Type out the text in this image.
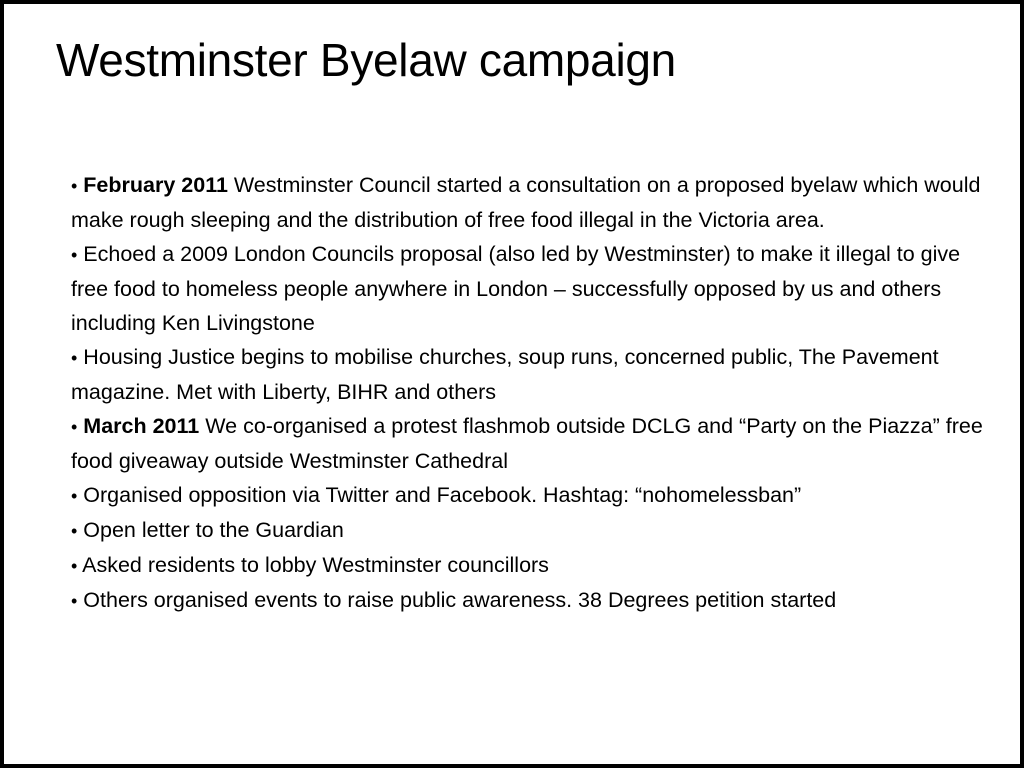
Westminster Byelaw campaign
• February 2011 Westminster Council started a consultation on a proposed byelaw which would make rough sleeping and the distribution of free food illegal in the Victoria area.
• Echoed a 2009 London Councils proposal (also led by Westminster) to make it illegal to give free food to homeless people anywhere in London – successfully opposed by us and others including Ken Livingstone
• Housing Justice begins to mobilise churches, soup runs, concerned public, The Pavement magazine. Met with Liberty, BIHR and others
• March 2011 We co-organised a protest flashmob outside DCLG and “Party on the Piazza” free food giveaway outside Westminster Cathedral
• Organised opposition via Twitter and Facebook. Hashtag: “nohomelessban”
• Open letter to the Guardian
• Asked residents to lobby Westminster councillors
• Others organised events to raise public awareness. 38 Degrees petition started
